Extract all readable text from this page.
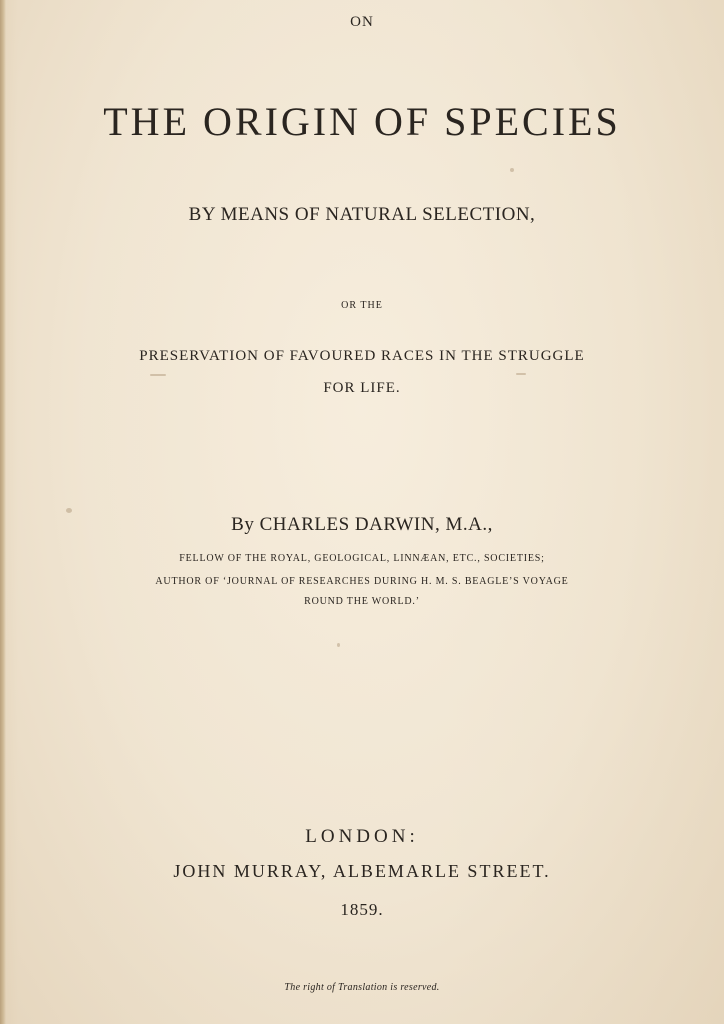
ON
THE ORIGIN OF SPECIES
BY MEANS OF NATURAL SELECTION,
OR THE
PRESERVATION OF FAVOURED RACES IN THE STRUGGLE
FOR LIFE.
By CHARLES DARWIN, M.A.,
FELLOW OF THE ROYAL, GEOLOGICAL, LINNÆAN, ETC., SOCIETIES;
AUTHOR OF ‘JOURNAL OF RESEARCHES DURING H. M. S. BEAGLE’S VOYAGE
ROUND THE WORLD.’
LONDON:
JOHN MURRAY, ALBEMARLE STREET.
1859.
The right of Translation is reserved.
